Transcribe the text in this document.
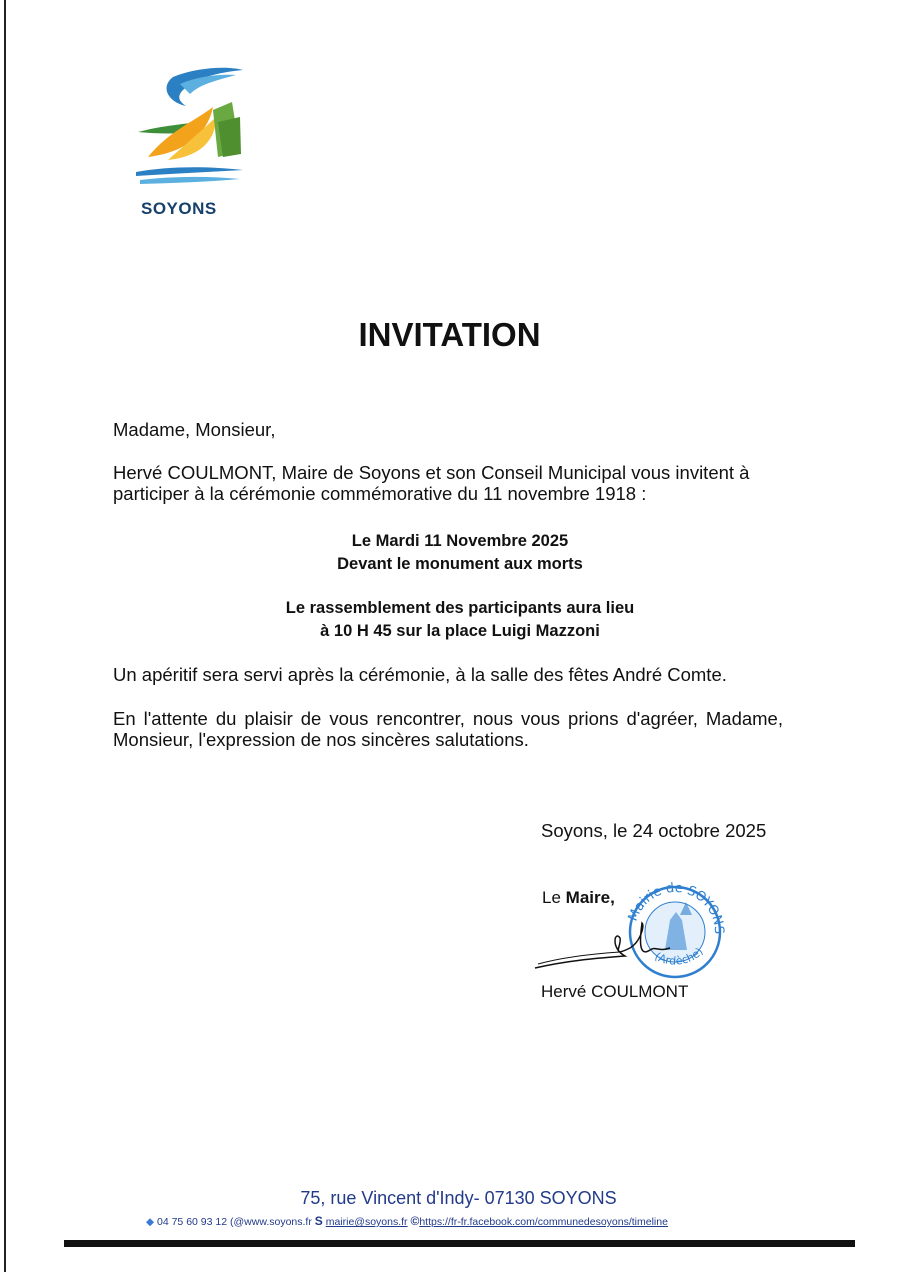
SOYONS
INVITATION
Madame, Monsieur,
Hervé COULMONT, Maire de Soyons et son Conseil Municipal vous invitent à participer à la cérémonie commémorative du 11 novembre 1918 :
Le Mardi 11 Novembre 2025
Devant le monument aux morts
Le rassemblement des participants aura lieu
à 10 H 45 sur la place Luigi Mazzoni
Un apéritif sera servi après la cérémonie, à la salle des fêtes André Comte.
En l'attente du plaisir de vous rencontrer, nous vous prions d'agréer, Madame, Monsieur, l'expression de nos sincères salutations.
Soyons, le 24 octobre 2025
Mairie de SOYONS
(Ardèche)
Le Maire,
Hervé COULMONT
75, rue Vincent d'Indy- 07130 SOYONS
◆ 04 75 60 93 12 (@www.soyons.fr S mairie@soyons.fr ©https://fr-fr.facebook.com/communedesoyons/timeline
